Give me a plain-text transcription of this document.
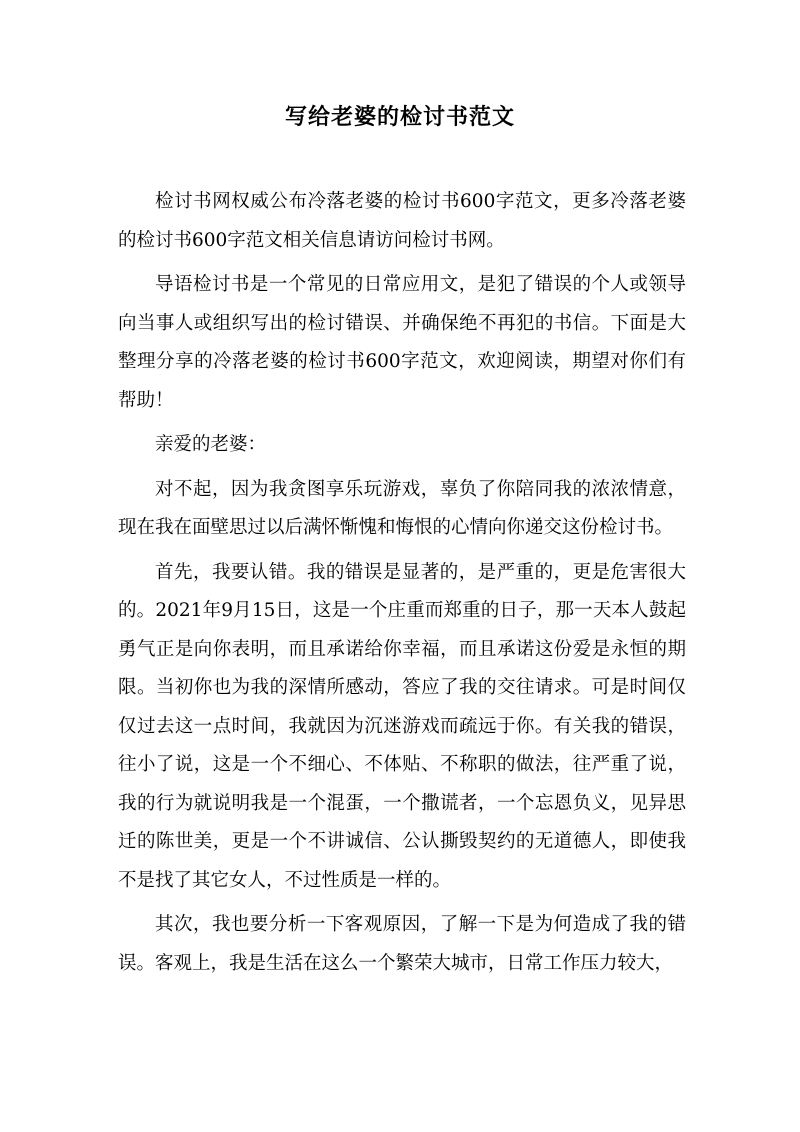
写给老婆的检讨书范文

检讨书网权威公布冷落老婆的检讨书600字范文，更多冷落老婆的检讨书600字范文相关信息请访问检讨书网。

导语检讨书是一个常见的日常应用文，是犯了错误的个人或领导向当事人或组织写出的检讨错误、并确保绝不再犯的书信。下面是大整理分享的冷落老婆的检讨书600字范文，欢迎阅读，期望对你们有帮助！

亲爱的老婆：

对不起，因为我贪图享乐玩游戏，辜负了你陪同我的浓浓情意，现在我在面壁思过以后满怀惭愧和悔恨的心情向你递交这份检讨书。

首先，我要认错。我的错误是显著的，是严重的，更是危害很大的。2021年9月15日，这是一个庄重而郑重的日子，那一天本人鼓起勇气正是向你表明，而且承诺给你幸福，而且承诺这份爱是永恒的期限。当初你也为我的深情所感动，答应了我的交往请求。可是时间仅仅过去这一点时间，我就因为沉迷游戏而疏远于你。有关我的错误，往小了说，这是一个不细心、不体贴、不称职的做法，往严重了说，我的行为就说明我是一个混蛋，一个撒谎者，一个忘恩负义，见异思迁的陈世美，更是一个不讲诚信、公认撕毁契约的无道德人，即使我不是找了其它女人，不过性质是一样的。

其次，我也要分析一下客观原因，了解一下是为何造成了我的错误。客观上，我是生活在这么一个繁荣大城市，日常工作压力较大，
